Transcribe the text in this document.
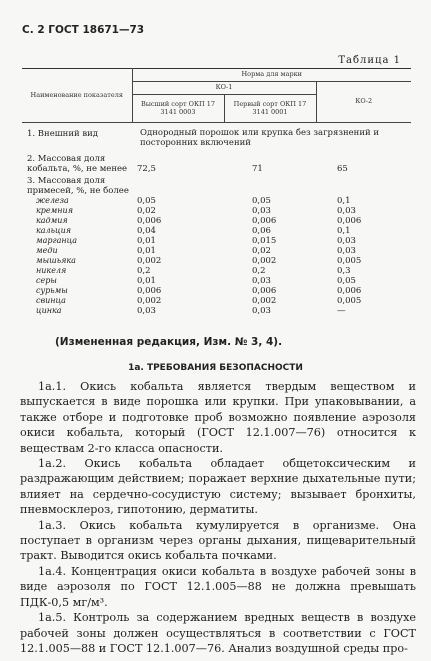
С. 2 ГОСТ 18671—73
Таблица 1
Наименование показателя	Норма для марки		
	КО-1		КО-2
	Высший сорт ОКП 17 3141 0003	Первый сорт ОКП 17 3141 0001	

1. Внешний вид	Однородный порошок или крупка без загрязнений и посторонних включений		

2. Массовая доля кобальта, %, не менее	72,5	71	65

3. Массовая доля примесей, %, не более			
железа	0,05	0,05	0,1
кремния	0,02	0,03	0,03
кадмия	0,006	0,006	0,006
кальция	0,04	0,06	0,1
марганца	0,01	0,015	0,03
меди	0,01	0,02	0,03
мышьяка	0,002	0,002	0,005
никеля	0,2	0,2	0,3
серы	0,01	0,03	0,05
сурьмы	0,006	0,006	0,006
свинца	0,002	0,002	0,005
цинка	0,03	0,03	—
(Измененная редакция, Изм. № 3, 4).
1а. ТРЕБОВАНИЯ БЕЗОПАСНОСТИ

1а.1. Окись кобальта является твердым веществом и выпускается в виде порошка или крупки. При упаковывании, а также отборе и подготовке проб возможно появление аэрозоля окиси кобальта, который (ГОСТ 12.1.007—76) относится к веществам 2-го класса опасности.

1а.2. Окись кобальта обладает общетоксическим и раздражающим действием; поражает верхние дыхательные пути; влияет на сердечно-сосудистую систему; вызывает бронхиты, пневмосклероз, гипотонию, дерматиты.

1а.3. Окись кобальта кумулируется в организме. Она поступает в организм через органы дыхания, пищеварительный тракт. Выводится окись кобальта почками.

1а.4. Концентрация окиси кобальта в воздухе рабочей зоны в виде аэрозоля по ГОСТ 12.1.005—88 не должна превышать ПДК-0,5 мг/м³.

1а.5. Контроль за содержанием вредных веществ в воздухе рабочей зоны должен осуществляться в соответствии с ГОСТ 12.1.005—88 и ГОСТ 12.1.007—76. Анализ воздушной среды про-
